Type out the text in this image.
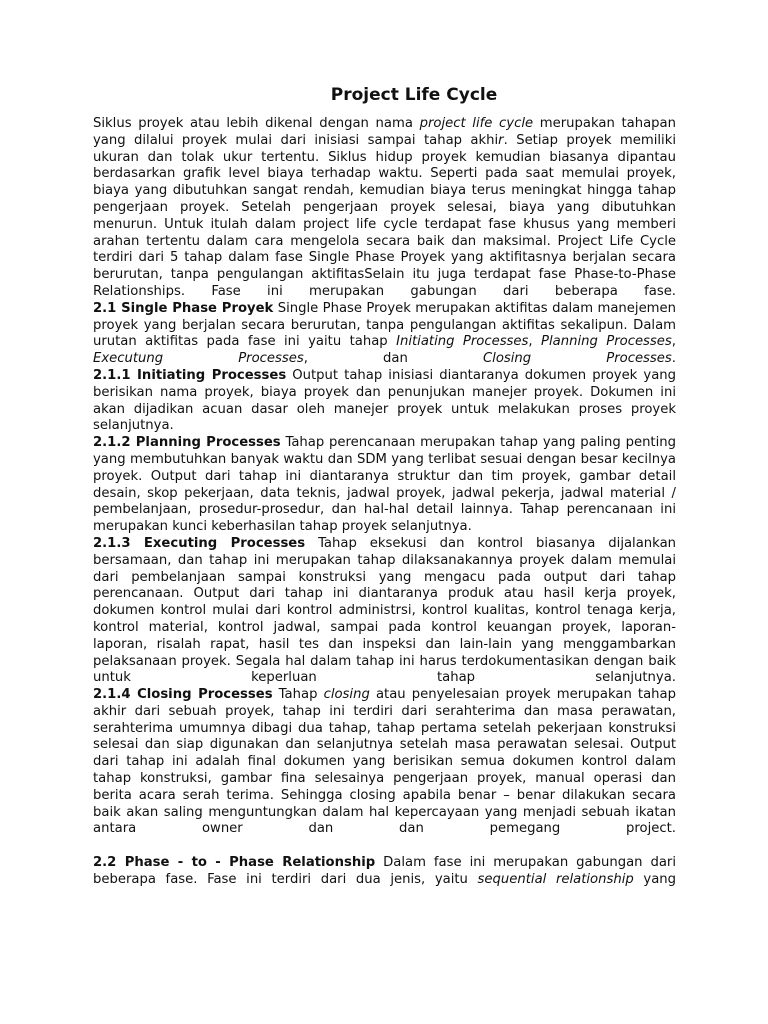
Project Life Cycle

Siklus proyek atau lebih dikenal dengan nama project life cycle merupakan tahapan yang dilalui proyek mulai dari inisiasi sampai tahap akhir. Setiap proyek memiliki ukuran dan tolak ukur tertentu. Siklus hidup proyek kemudian biasanya dipantau berdasarkan grafik level biaya terhadap waktu. Seperti pada saat memulai proyek, biaya yang dibutuhkan sangat rendah, kemudian biaya terus meningkat hingga tahap pengerjaan proyek. Setelah pengerjaan proyek selesai, biaya yang dibutuhkan menurun. Untuk itulah dalam project life cycle terdapat fase khusus yang memberi arahan tertentu dalam cara mengelola secara baik dan maksimal. Project Life Cycle terdiri dari 5 tahap dalam fase Single Phase Proyek yang aktifitasnya berjalan secara berurutan, tanpa pengulangan aktifitasSelain itu juga terdapat fase Phase-to-Phase Relationships. Fase ini merupakan gabungan dari beberapa fase.

2.1 Single Phase Proyek Single Phase Proyek merupakan aktifitas dalam manejemen proyek yang berjalan secara berurutan, tanpa pengulangan aktifitas sekalipun. Dalam urutan aktifitas pada fase ini yaitu tahap Initiating Processes, Planning Processes, Executung Processes, dan Closing Processes.

2.1.1 Initiating Processes Output tahap inisiasi diantaranya dokumen proyek yang berisikan nama proyek, biaya proyek dan penunjukan manejer proyek. Dokumen ini akan dijadikan acuan dasar oleh manejer proyek untuk melakukan proses proyek selanjutnya.

2.1.2 Planning Processes Tahap perencanaan merupakan tahap yang paling penting yang membutuhkan banyak waktu dan SDM yang terlibat sesuai dengan besar kecilnya proyek. Output dari tahap ini diantaranya struktur dan tim proyek, gambar detail desain, skop pekerjaan, data teknis, jadwal proyek, jadwal pekerja, jadwal material / pembelanjaan, prosedur-prosedur, dan hal-hal detail lainnya. Tahap perencanaan ini merupakan kunci keberhasilan tahap proyek selanjutnya.

2.1.3 Executing Processes Tahap eksekusi dan kontrol biasanya dijalankan bersamaan, dan tahap ini merupakan tahap dilaksanakannya proyek dalam memulai dari pembelanjaan sampai konstruksi yang mengacu pada output dari tahap perencanaan. Output dari tahap ini diantaranya produk atau hasil kerja proyek, dokumen kontrol mulai dari kontrol administrsi, kontrol kualitas, kontrol tenaga kerja, kontrol material, kontrol jadwal, sampai pada kontrol keuangan proyek, laporan-laporan, risalah rapat, hasil tes dan inspeksi dan lain-lain yang menggambarkan pelaksanaan proyek. Segala hal dalam tahap ini harus terdokumentasikan dengan baik untuk keperluan tahap selanjutnya.

2.1.4 Closing Processes Tahap closing atau penyelesaian proyek merupakan tahap akhir dari sebuah proyek, tahap ini terdiri dari serahterima dan masa perawatan, serahterima umumnya dibagi dua tahap, tahap pertama setelah pekerjaan konstruksi selesai dan siap digunakan dan selanjutnya setelah masa perawatan selesai. Output dari tahap ini adalah final dokumen yang berisikan semua dokumen kontrol dalam tahap konstruksi, gambar fina selesainya pengerjaan proyek, manual operasi dan berita acara serah terima. Sehingga closing apabila benar – benar dilakukan secara baik akan saling menguntungkan dalam hal kepercayaan yang menjadi sebuah ikatan antara owner dan dan pemegang project.

2.2 Phase - to - Phase Relationship Dalam fase ini merupakan gabungan dari beberapa fase. Fase ini terdiri dari dua jenis, yaitu sequential relationship yang
